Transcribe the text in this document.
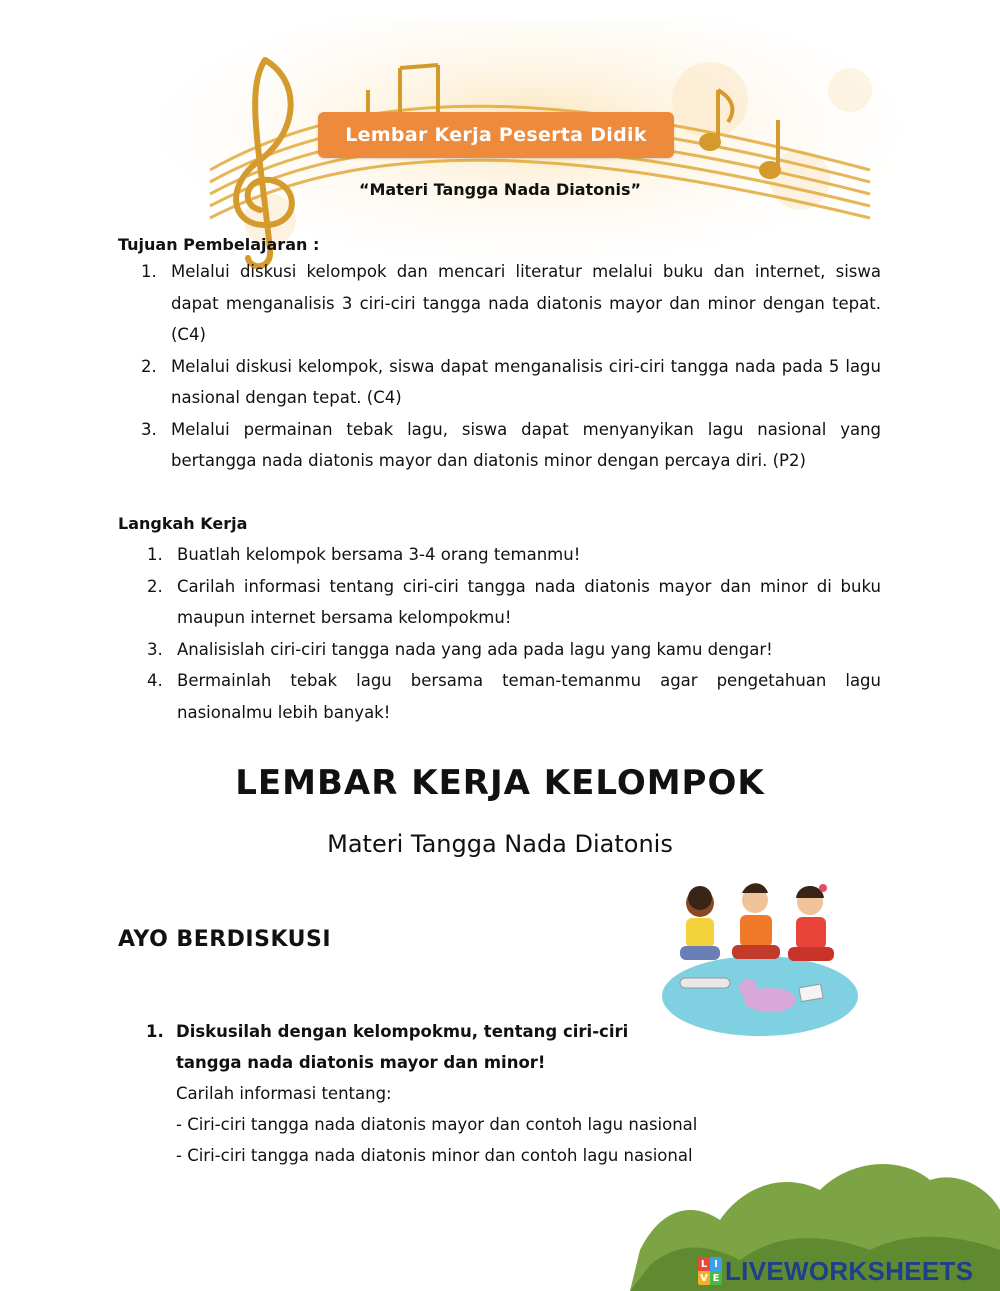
Lembar Kerja Peserta Didik
“Materi Tangga Nada Diatonis”
Tujuan Pembelajaran :
1. Melalui diskusi kelompok dan mencari literatur melalui buku dan internet, siswa dapat menganalisis 3 ciri-ciri tangga nada diatonis mayor dan minor dengan tepat. (C4)
2. Melalui diskusi kelompok, siswa dapat menganalisis ciri-ciri tangga nada pada 5 lagu nasional dengan tepat. (C4)
3. Melalui permainan tebak lagu, siswa dapat menyanyikan lagu nasional yang bertangga nada diatonis mayor dan diatonis minor dengan percaya diri. (P2)
Langkah Kerja
1. Buatlah kelompok bersama 3-4 orang temanmu!
2. Carilah informasi tentang ciri-ciri tangga nada diatonis mayor dan minor di buku maupun internet bersama kelompokmu!
3. Analisislah ciri-ciri tangga nada yang ada pada lagu yang kamu dengar!
4. Bermainlah tebak lagu bersama teman-temanmu agar pengetahuan lagu nasionalmu lebih banyak!
LEMBAR KERJA KELOMPOK
Materi Tangga Nada Diatonis
AYO BERDISKUSI
1. Diskusilah dengan kelompokmu, tentang ciri-ciri
tangga nada diatonis mayor dan minor!
Carilah informasi tentang:
- Ciri-ciri tangga nada diatonis mayor dan contoh lagu nasional
- Ciri-ciri tangga nada diatonis minor dan contoh lagu nasional
L I
V E LIVEWORKSHEETS
